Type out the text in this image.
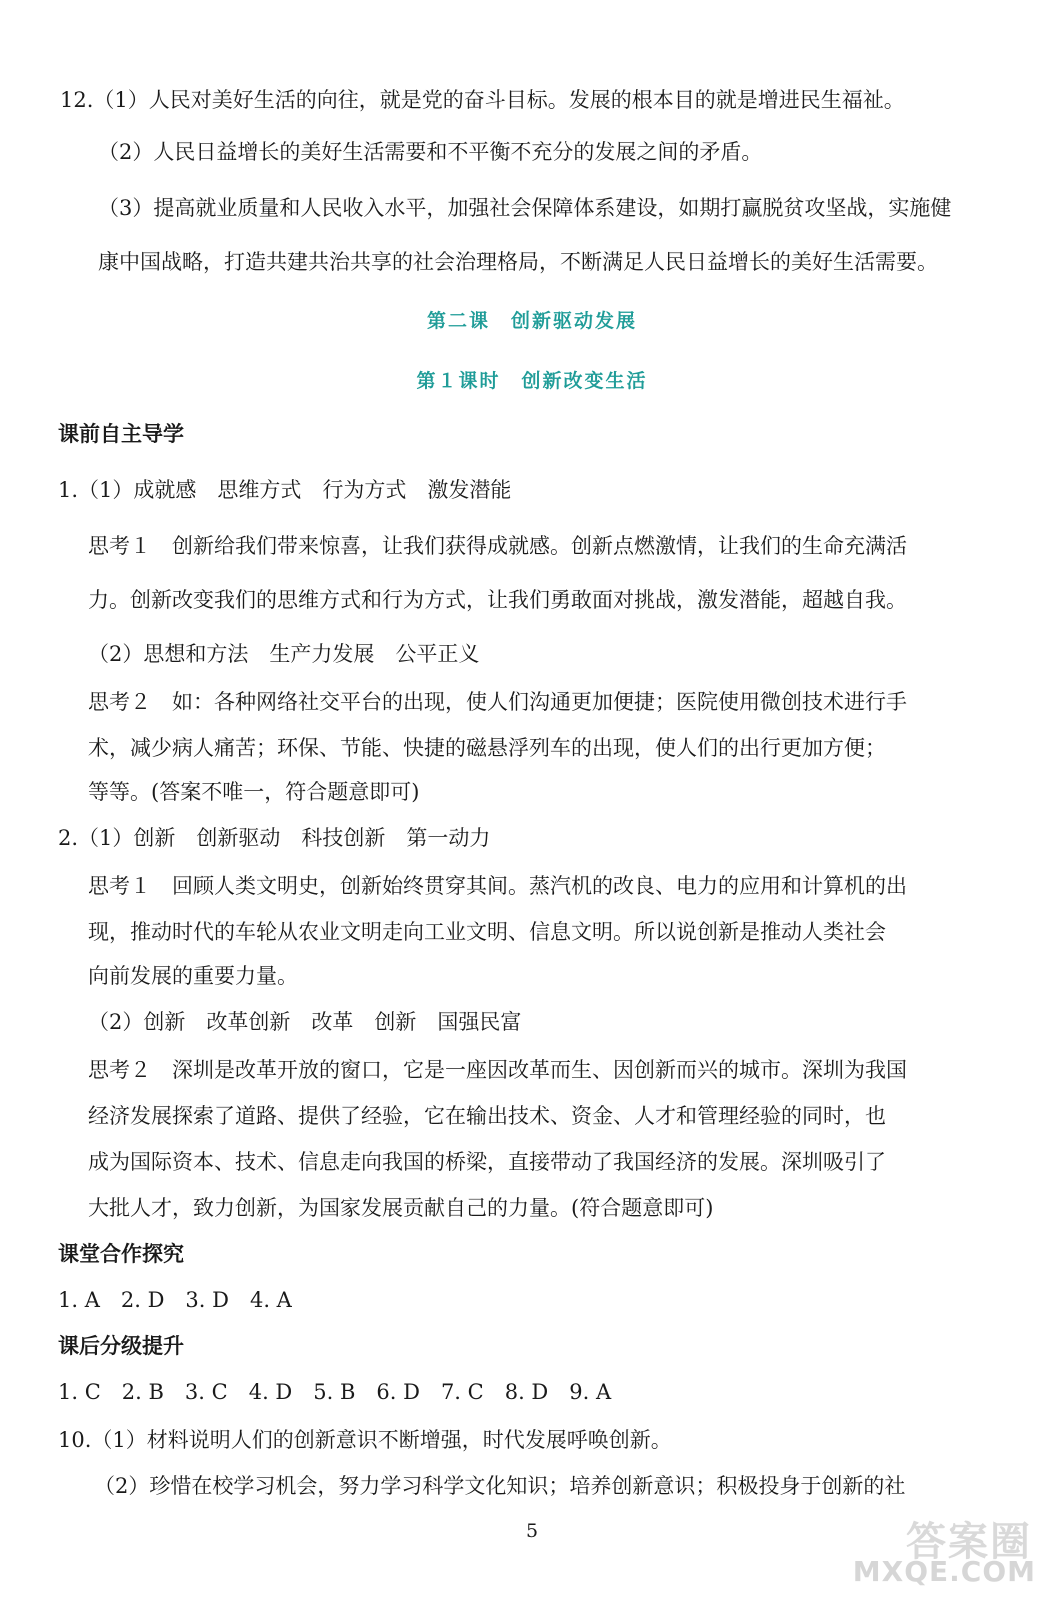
12.（1）人民对美好生活的向往，就是党的奋斗目标。发展的根本目的就是增进民生福祉。
（2）人民日益增长的美好生活需要和不平衡不充分的发展之间的矛盾。
（3）提高就业质量和人民收入水平，加强社会保障体系建设，如期打赢脱贫攻坚战，实施健
康中国战略，打造共建共治共享的社会治理格局，不断满足人民日益增长的美好生活需要。
第二课　创新驱动发展
第１课时　创新改变生活
课前自主导学
1.（1）成就感　思维方式　行为方式　激发潜能
思考１　创新给我们带来惊喜，让我们获得成就感。创新点燃激情，让我们的生命充满活
力。创新改变我们的思维方式和行为方式，让我们勇敢面对挑战，激发潜能，超越自我。
（2）思想和方法　生产力发展　公平正义
思考２　如：各种网络社交平台的出现，使人们沟通更加便捷；医院使用微创技术进行手
术，减少病人痛苦；环保、节能、快捷的磁悬浮列车的出现，使人们的出行更加方便；
等等。(答案不唯一，符合题意即可)
2.（1）创新　创新驱动　科技创新　第一动力
思考１　回顾人类文明史，创新始终贯穿其间。蒸汽机的改良、电力的应用和计算机的出
现，推动时代的车轮从农业文明走向工业文明、信息文明。所以说创新是推动人类社会
向前发展的重要力量。
（2）创新　改革创新　改革　创新　国强民富
思考２　深圳是改革开放的窗口，它是一座因改革而生、因创新而兴的城市。深圳为我国
经济发展探索了道路、提供了经验，它在输出技术、资金、人才和管理经验的同时，也
成为国际资本、技术、信息走向我国的桥梁，直接带动了我国经济的发展。深圳吸引了
大批人才，致力创新，为国家发展贡献自己的力量。(符合题意即可)
课堂合作探究
1. A　2. D　3. D　4. A
课后分级提升
1. C　2. B　3. C　4. D　5. B　6. D　7. C　8. D　9. A
10.（1）材料说明人们的创新意识不断增强，时代发展呼唤创新。
（2）珍惜在校学习机会，努力学习科学文化知识；培养创新意识；积极投身于创新的社
5	答案圈
MXQE.COM
